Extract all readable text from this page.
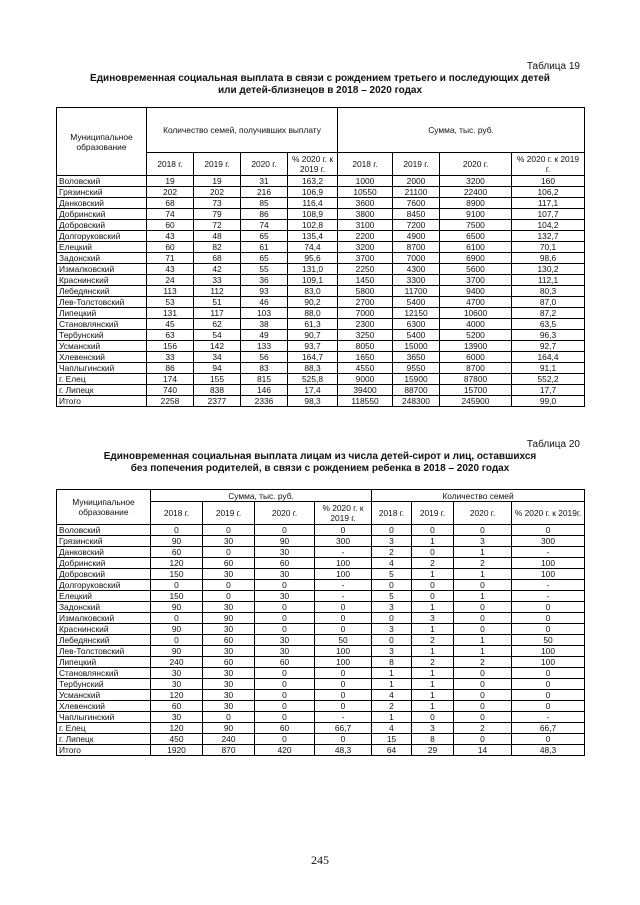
Таблица 19
Единовременная социальная выплата в связи с рождением третьего и последующих детей
или детей-близнецов в 2018 – 2020 годах
Муниципальное образование	Количество семей, получивших выплату				Сумма, тыс. руб.			
	2018 г.	2019 г.	2020 г.	% 2020 г. к 2019 г.	2018 г.	2019 г.	2020 г.	% 2020 г. к 2019 г.
Воловский	19	19	31	163,2	1000	2000	3200	160
Грязинский	202	202	216	106,9	10550	21100	22400	106,2
Данковский	68	73	85	116,4	3600	7600	8900	117,1
Добринский	74	79	86	108,9	3800	8450	9100	107,7
Добровский	60	72	74	102,8	3100	7200	7500	104,2
Долгоруковский	43	48	65	135,4	2200	4900	6500	132,7
Елецкий	60	82	61	74,4	3200	8700	6100	70,1
Задонский	71	68	65	95,6	3700	7000	6900	98,6
Измалковский	43	42	55	131,0	2250	4300	5600	130,2
Краснинский	24	33	36	109,1	1450	3300	3700	112,1
Лебедянский	113	112	93	83,0	5800	11700	9400	80,3
Лев-Толстовский	53	51	46	90,2	2700	5400	4700	87,0
Липецкий	131	117	103	88,0	7000	12150	10600	87,2
Становлянский	45	62	38	61,3	2300	6300	4000	63,5
Тербунский	63	54	49	90,7	3250	5400	5200	96,3
Усманский	156	142	133	93,7	8050	15000	13900	92,7
Хлевенский	33	34	56	164,7	1650	3650	6000	164,4
Чаплыгинский	86	94	83	88,3	4550	9550	8700	91,1
г. Елец	174	155	815	525,8	9000	15900	87800	552,2
г. Липецк	740	838	146	17,4	39400	88700	15700	17,7
Итого	2258	2377	2336	98,3	118550	248300	245900	99,0
Таблица 20
Единовременная социальная выплата лицам из числа детей-сирот и лиц, оставшихся
без попечения родителей, в связи с рождением ребенка в 2018 – 2020 годах
Муниципальное образование	Сумма, тыс. руб.				Количество семей			
	2018 г.	2019 г.	2020 г.	% 2020 г. к 2019 г.	2018 г.	2019 г.	2020 г.	% 2020 г. к 2019г.
Воловский	0	0	0	0	0	0	0	0
Грязинский	90	30	90	300	3	1	3	300
Данковский	60	0	30	-	2	0	1	-
Добринский	120	60	60	100	4	2	2	100
Добровский	150	30	30	100	5	1	1	100
Долгоруковский	0	0	0	-	0	0	0	-
Елецкий	150	0	30	-	5	0	1	-
Задонский	90	30	0	0	3	1	0	0
Измалковский	0	90	0	0	0	3	0	0
Краснинский	90	30	0	0	3	1	0	0
Лебедянский	0	60	30	50	0	2	1	50
Лев-Толстовский	90	30	30	100	3	1	1	100
Липецкий	240	60	60	100	8	2	2	100
Становлянский	30	30	0	0	1	1	0	0
Тербунский	30	30	0	0	1	1	0	0
Усманский	120	30	0	0	4	1	0	0
Хлевенский	60	30	0	0	2	1	0	0
Чаплыгинский	30	0	0	-	1	0	0	-
г. Елец	120	90	60	66,7	4	3	2	66,7
г. Липецк	450	240	0	0	15	8	0	0
Итого	1920	870	420	48,3	64	29	14	48,3
245
